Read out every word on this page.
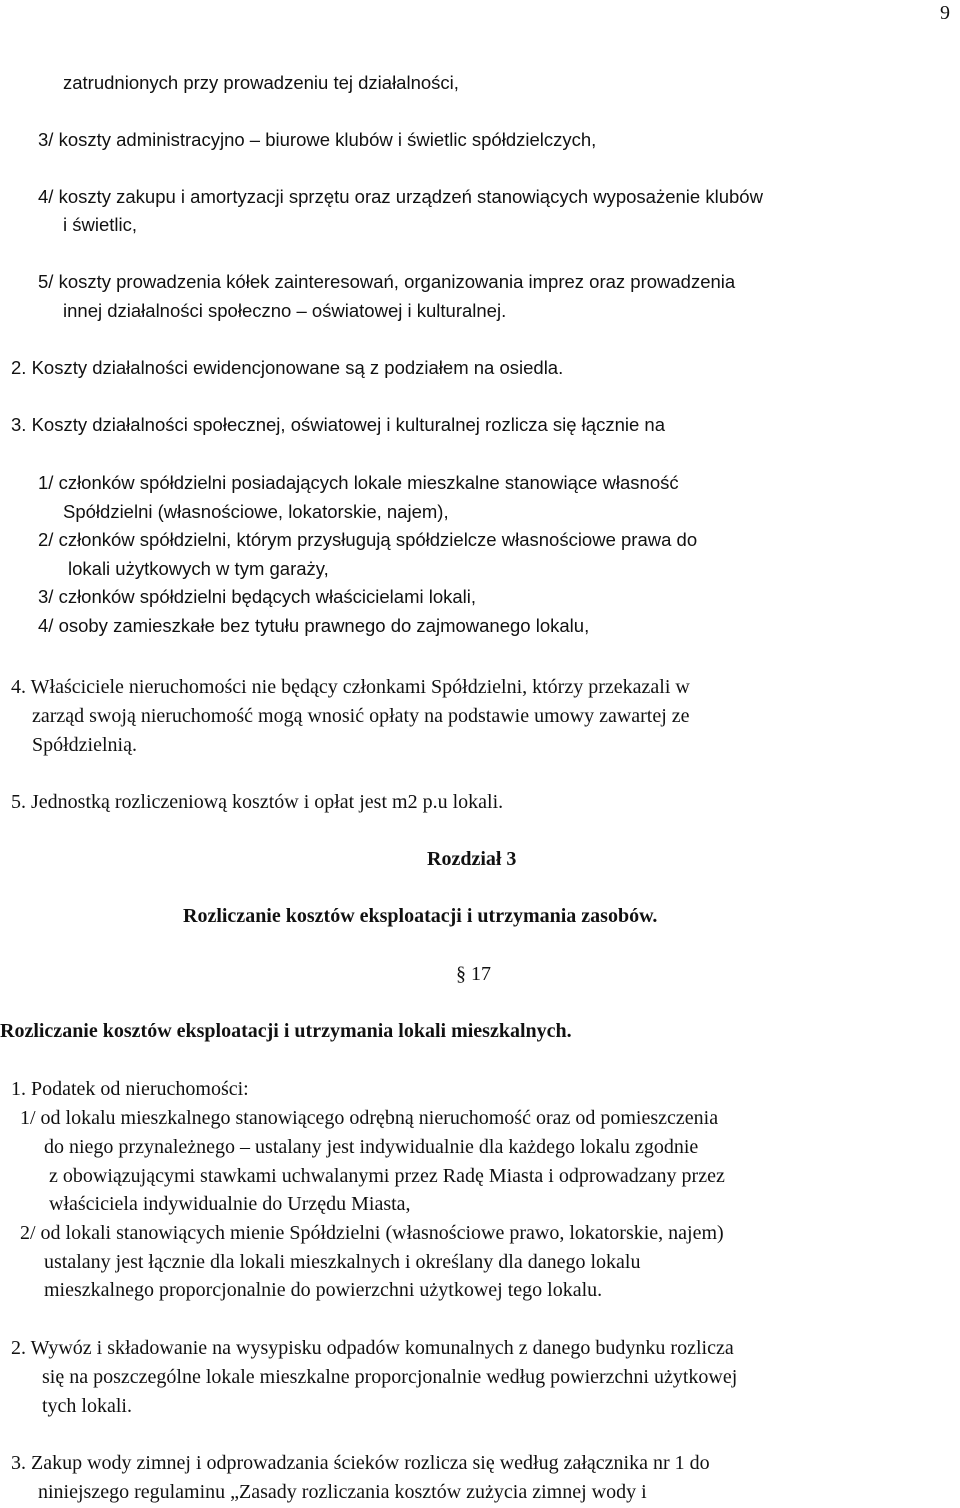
9
zatrudnionych przy prowadzeniu tej działalności,
3/ koszty administracyjno – biurowe klubów i świetlic spółdzielczych,
4/ koszty zakupu i amortyzacji sprzętu oraz urządzeń stanowiących wyposażenie klubów
i świetlic,
5/ koszty prowadzenia kółek zainteresowań, organizowania imprez oraz prowadzenia
innej działalności społeczno – oświatowej i kulturalnej.
2. Koszty działalności ewidencjonowane są z podziałem na osiedla.
3. Koszty działalności społecznej, oświatowej i kulturalnej rozlicza się łącznie na
1/ członków spółdzielni posiadających lokale mieszkalne stanowiące własność
Spółdzielni (własnościowe, lokatorskie, najem),
2/ członków spółdzielni, którym przysługują spółdzielcze własnościowe prawa do
lokali użytkowych w tym garaży,
3/ członków spółdzielni będących właścicielami lokali,
4/ osoby zamieszkałe bez tytułu prawnego do zajmowanego lokalu,
4. Właściciele nieruchomości nie będący członkami Spółdzielni, którzy przekazali w
zarząd swoją nieruchomość mogą wnosić opłaty na podstawie umowy zawartej ze
Spółdzielnią.
5. Jednostką rozliczeniową kosztów i opłat jest m2 p.u lokali.
Rozdział 3
Rozliczanie kosztów eksploatacji i utrzymania zasobów.
§ 17
Rozliczanie kosztów eksploatacji i utrzymania lokali mieszkalnych.
1. Podatek od nieruchomości:
1/ od lokalu mieszkalnego stanowiącego odrębną nieruchomość oraz od pomieszczenia
do niego przynależnego – ustalany jest indywidualnie dla każdego lokalu zgodnie
z obowiązującymi stawkami uchwalanymi przez Radę Miasta i odprowadzany przez
właściciela indywidualnie do Urzędu Miasta,
2/ od lokali stanowiących mienie Spółdzielni (własnościowe prawo, lokatorskie, najem)
ustalany jest łącznie dla lokali mieszkalnych i określany dla danego lokalu
mieszkalnego proporcjonalnie do powierzchni użytkowej tego lokalu.
2. Wywóz i składowanie na wysypisku odpadów komunalnych z danego budynku rozlicza
się na poszczególne lokale mieszkalne proporcjonalnie według powierzchni użytkowej
tych lokali.
3. Zakup wody zimnej i odprowadzania ścieków rozlicza się według załącznika nr 1 do
niniejszego regulaminu „Zasady rozliczania kosztów zużycia zimnej wody i
